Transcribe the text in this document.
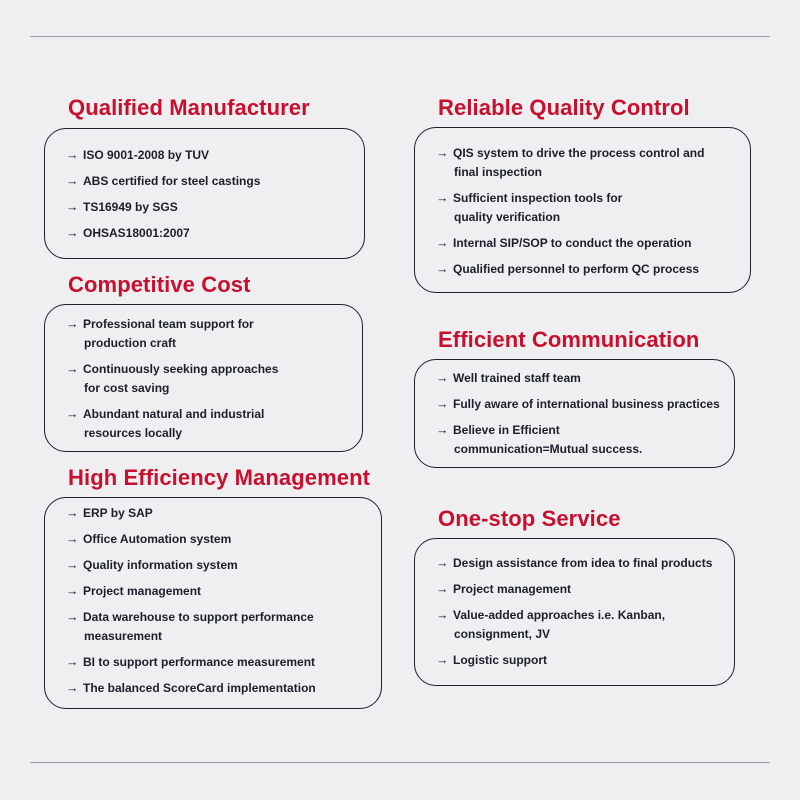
Qualified Manufacturer
→ ISO 9001-2008 by TUV
→ ABS certified for steel castings
→ TS16949 by SGS
→ OHSAS18001:2007
Competitive Cost
→ Professional team support for
production craft
→ Continuously seeking approaches
for cost saving
→ Abundant natural and industrial
resources locally
High Efficiency Management
→ ERP by SAP
→ Office Automation system
→ Quality information system
→ Project management
→ Data warehouse to support performance
measurement
→ BI to support performance measurement
→ The balanced ScoreCard implementation
Reliable Quality Control
→ QIS system to drive the process control and
final inspection
→ Sufficient inspection tools for
quality verification
→ Internal SIP/SOP to conduct the operation
→ Qualified personnel to perform QC process
Efficient Communication
→ Well trained staff team
→ Fully aware of international business practices
→ Believe in Efficient
communication=Mutual success.
One-stop Service
→ Design assistance from idea to final products
→ Project management
→ Value-added approaches i.e. Kanban,
consignment, JV
→ Logistic support
